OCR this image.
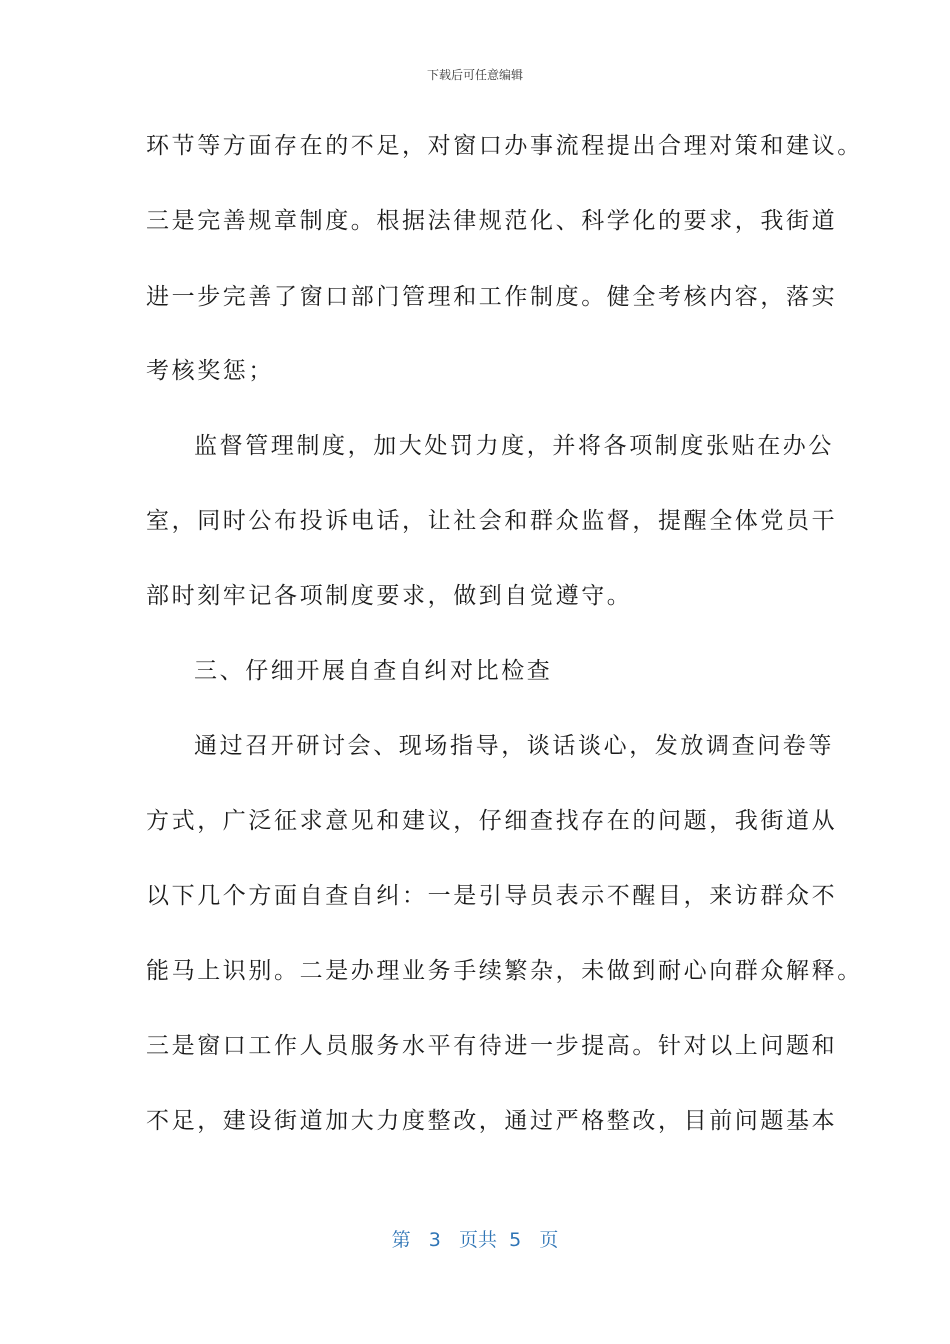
下载后可任意编辑
环节等方面存在的不足，对窗口办事流程提出合理对策和建议。
三是完善规章制度。根据法律规范化、科学化的要求，我街道
进一步完善了窗口部门管理和工作制度。健全考核内容，落实
考核奖惩；
监督管理制度，加大处罚力度，并将各项制度张贴在办公
室，同时公布投诉电话，让社会和群众监督，提醒全体党员干
部时刻牢记各项制度要求，做到自觉遵守。
三、仔细开展自查自纠对比检查
通过召开研讨会、现场指导，谈话谈心，发放调查问卷等
方式，广泛征求意见和建议，仔细查找存在的问题，我街道从
以下几个方面自查自纠：一是引导员表示不醒目，来访群众不
能马上识别。二是办理业务手续繁杂，未做到耐心向群众解释。
三是窗口工作人员服务水平有待进一步提高。针对以上问题和
不足，建设街道加大力度整改，通过严格整改，目前问题基本
第 3 页共 5 页
